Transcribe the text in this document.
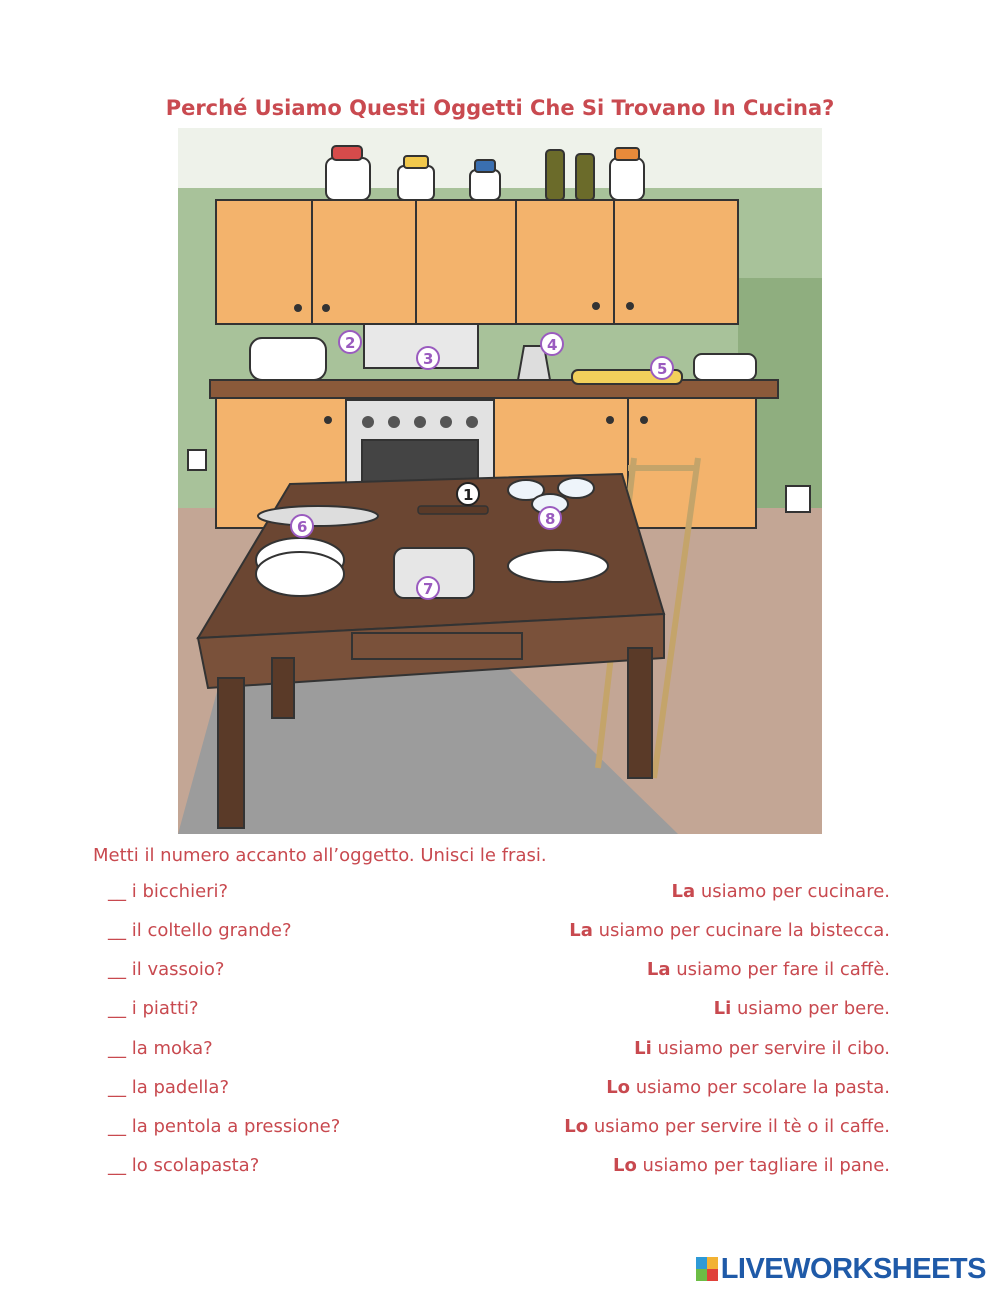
Perché Usiamo Questi Oggetti Che Si Trovano In Cucina?
1
2
3
4
5
6
7
8
Metti il numero accanto all’oggetto. Unisci le frasi.
__ i bicchieri?	La usiamo per cucinare.
__ il coltello grande?	La usiamo per cucinare la bistecca.
__ il vassoio?	La usiamo per fare il caffè.
__ i piatti?	Li usiamo per bere.
__ la moka?	Li usiamo per servire il cibo.
__ la padella?	Lo usiamo per scolare la pasta.
__ la pentola a pressione?	Lo usiamo per servire il tè o il caffe.
__ lo scolapasta?	Lo usiamo per tagliare il pane.
LIVEWORKSHEETS
